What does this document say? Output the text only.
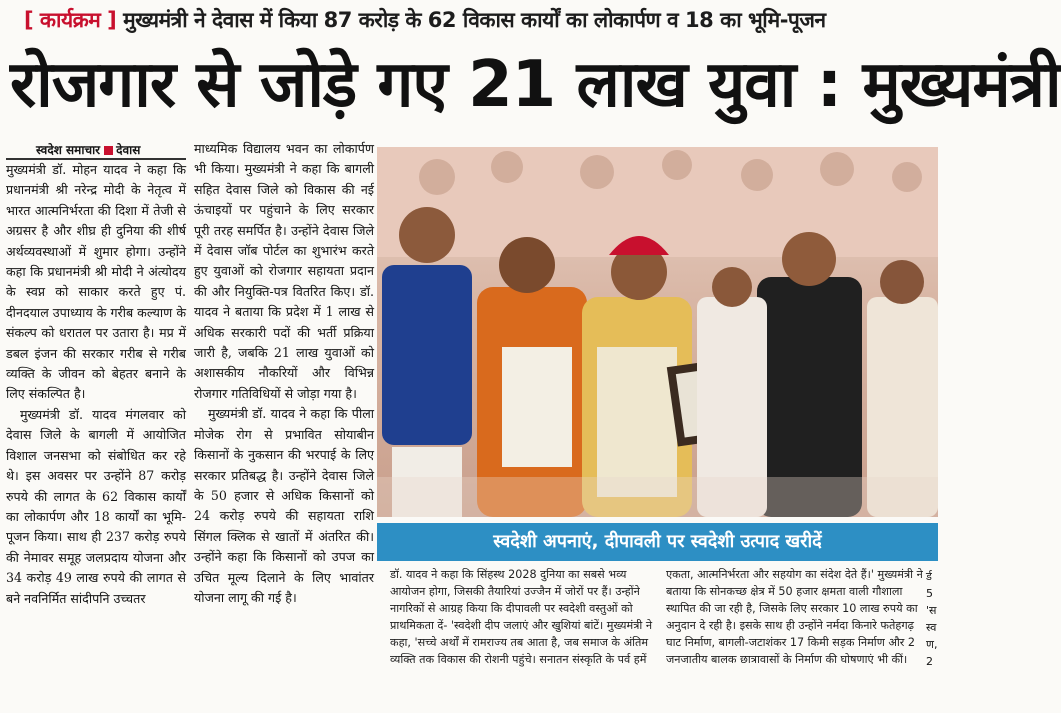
[ कार्यक्रम ] मुख्यमंत्री ने देवास में किया 87 करोड़ के 62 विकास कार्यों का लोकार्पण व 18 का भूमि-पूजन
रोजगार से जोड़े गए 21 लाख युवा : मुख्यमंत्री
स्वदेश समाचार देवास

मुख्यमंत्री डॉ. मोहन यादव ने कहा कि प्रधानमंत्री श्री नरेन्द्र मोदी के नेतृत्व में भारत आत्मनिर्भरता की दिशा में तेजी से अग्रसर है और शीघ्र ही दुनिया की शीर्ष अर्थव्यवस्थाओं में शुमार होगा। उन्होंने कहा कि प्रधानमंत्री श्री मोदी ने अंत्योदय के स्वप्न को साकार करते हुए पं. दीनदयाल उपाध्याय के गरीब कल्याण के संकल्प को धरातल पर उतारा है। मप्र में डबल इंजन की सरकार गरीब से गरीब व्यक्ति के जीवन को बेहतर बनाने के लिए संकल्पित है।

मुख्यमंत्री डॉ. यादव मंगलवार को देवास जिले के बागली में आयोजित विशाल जनसभा को संबोधित कर रहे थे। इस अवसर पर उन्होंने 87 करोड़ रुपये की लागत के 62 विकास कार्यों का लोकार्पण और 18 कार्यों का भूमि-पूजन किया। साथ ही 237 करोड़ रुपये की नेमावर समूह जलप्रदाय योजना और 34 करोड़ 49 लाख रुपये की लागत से बने नवनिर्मित सांदीपनि उच्चतर

माध्यमिक विद्यालय भवन का लोकार्पण भी किया। मुख्यमंत्री ने कहा कि बागली सहित देवास जिले को विकास की नई ऊंचाइयों पर पहुंचाने के लिए सरकार पूरी तरह समर्पित है। उन्होंने देवास जिले में देवास जॉब पोर्टल का शुभारंभ करते हुए युवाओं को रोजगार सहायता प्रदान की और नियुक्ति-पत्र वितरित किए। डॉ. यादव ने बताया कि प्रदेश में 1 लाख से अधिक सरकारी पदों की भर्ती प्रक्रिया जारी है, जबकि 21 लाख युवाओं को अशासकीय नौकरियों और विभिन्न रोजगार गतिविधियों से जोड़ा गया है।

मुख्यमंत्री डॉ. यादव ने कहा कि पीला मोजेक रोग से प्रभावित सोयाबीन किसानों के नुकसान की भरपाई के लिए सरकार प्रतिबद्ध है। उन्होंने देवास जिले के 50 हजार से अधिक किसानों को 24 करोड़ रुपये की सहायता राशि सिंगल क्लिक से खातों में अंतरित की। उन्होंने कहा कि किसानों को उपज का उचित मूल्य दिलाने के लिए भावांतर योजना लागू की गई है।

स्वदेशी अपनाएं, दीपावली पर स्वदेशी उत्पाद खरीदें
डॉ. यादव ने कहा कि सिंहस्थ 2028 दुनिया का सबसे भव्य आयोजन होगा, जिसकी तैयारियां उज्जैन में जोरों पर हैं। उन्होंने नागरिकों से आग्रह किया कि दीपावली पर स्वदेशी वस्तुओं को प्राथमिकता दें- 'स्वदेशी दीप जलाएं और खुशियां बांटें। मुख्यमंत्री ने कहा, 'सच्चे अर्थों में रामराज्य तब आता है, जब समाज के अंतिम व्यक्ति तक विकास की रोशनी पहुंचे। सनातन संस्कृति के पर्व हमें
एकता, आत्मनिर्भरता और सहयोग का संदेश देते हैं।' मुख्यमंत्री ने बताया कि सोनकच्छ क्षेत्र में 50 हजार क्षमता वाली गौशाला स्थापित की जा रही है, जिसके लिए सरकार 10 लाख रुपये का अनुदान दे रही है। इसके साथ ही उन्होंने नर्मदा किनारे फतेहगढ़ घाट निर्माण, बागली-जटाशंकर 17 किमी सड़क निर्माण और 2 जनजातीय बालक छात्रावासों के निर्माण की घोषणाएं भी कीं।
र्ड 5 'स स्व ण, 2
